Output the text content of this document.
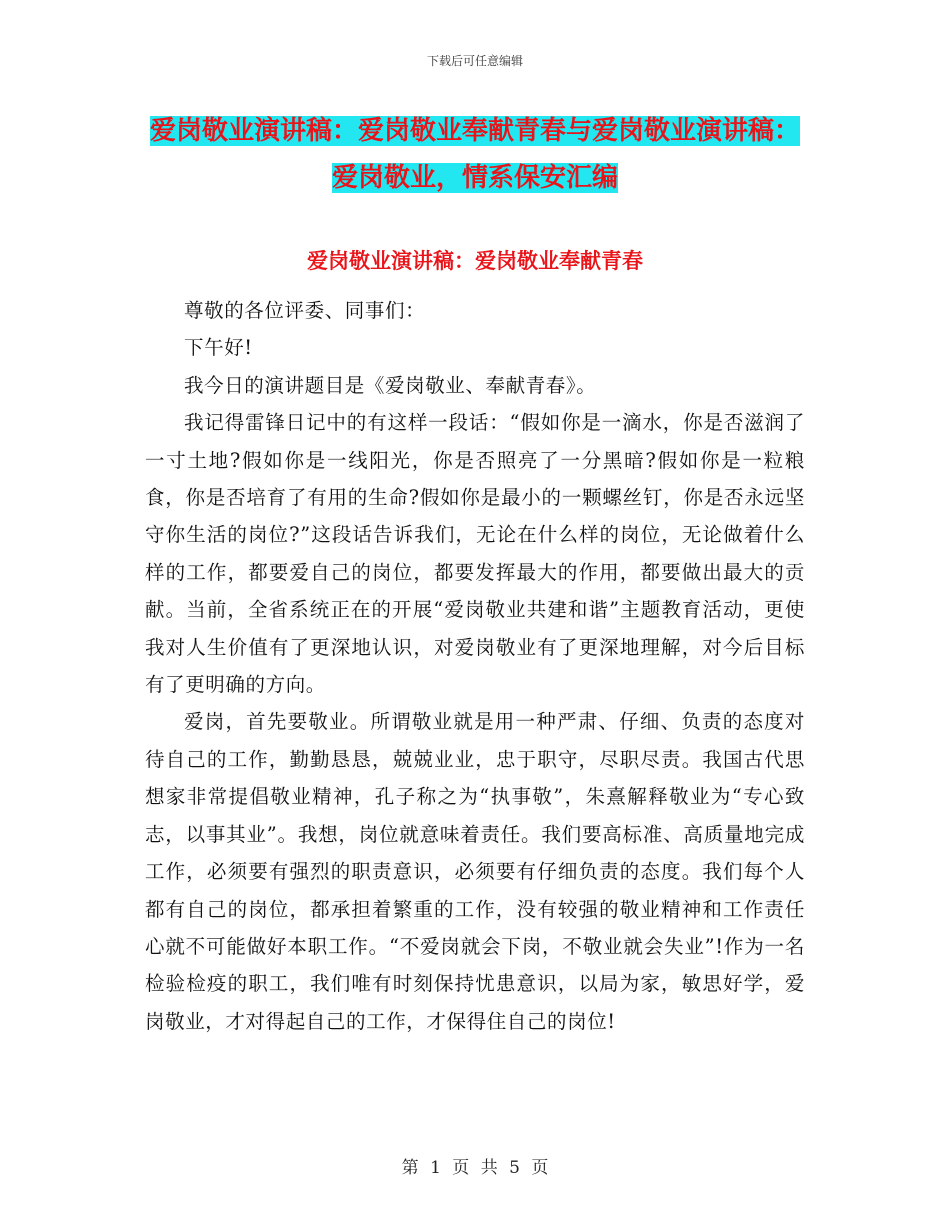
下载后可任意编辑
爱岗敬业演讲稿：爱岗敬业奉献青春与爱岗敬业演讲稿：爱岗敬业，情系保安汇编
爱岗敬业演讲稿：爱岗敬业奉献青春

尊敬的各位评委、同事们：

下午好!

我今日的演讲题目是《爱岗敬业、奉献青春》。

我记得雷锋日记中的有这样一段话：“假如你是一滴水，你是否滋润了一寸土地?假如你是一线阳光，你是否照亮了一分黑暗?假如你是一粒粮食，你是否培育了有用的生命?假如你是最小的一颗螺丝钉，你是否永远坚守你生活的岗位?”这段话告诉我们，无论在什么样的岗位，无论做着什么样的工作，都要爱自己的岗位，都要发挥最大的作用，都要做出最大的贡献。当前，全省系统正在的开展“爱岗敬业共建和谐”主题教育活动，更使我对人生价值有了更深地认识，对爱岗敬业有了更深地理解，对今后目标有了更明确的方向。

爱岗，首先要敬业。所谓敬业就是用一种严肃、仔细、负责的态度对待自己的工作，勤勤恳恳，兢兢业业，忠于职守，尽职尽责。我国古代思想家非常提倡敬业精神，孔子称之为“执事敬”，朱熹解释敬业为“专心致志，以事其业”。我想，岗位就意味着责任。我们要高标准、高质量地完成工作，必须要有强烈的职责意识，必须要有仔细负责的态度。我们每个人都有自己的岗位，都承担着繁重的工作，没有较强的敬业精神和工作责任心就不可能做好本职工作。“不爱岗就会下岗，不敬业就会失业”!作为一名检验检疫的职工，我们唯有时刻保持忧患意识，以局为家，敏思好学，爱岗敬业，才对得起自己的工作，才保得住自己的岗位!

第 1 页 共 5 页
